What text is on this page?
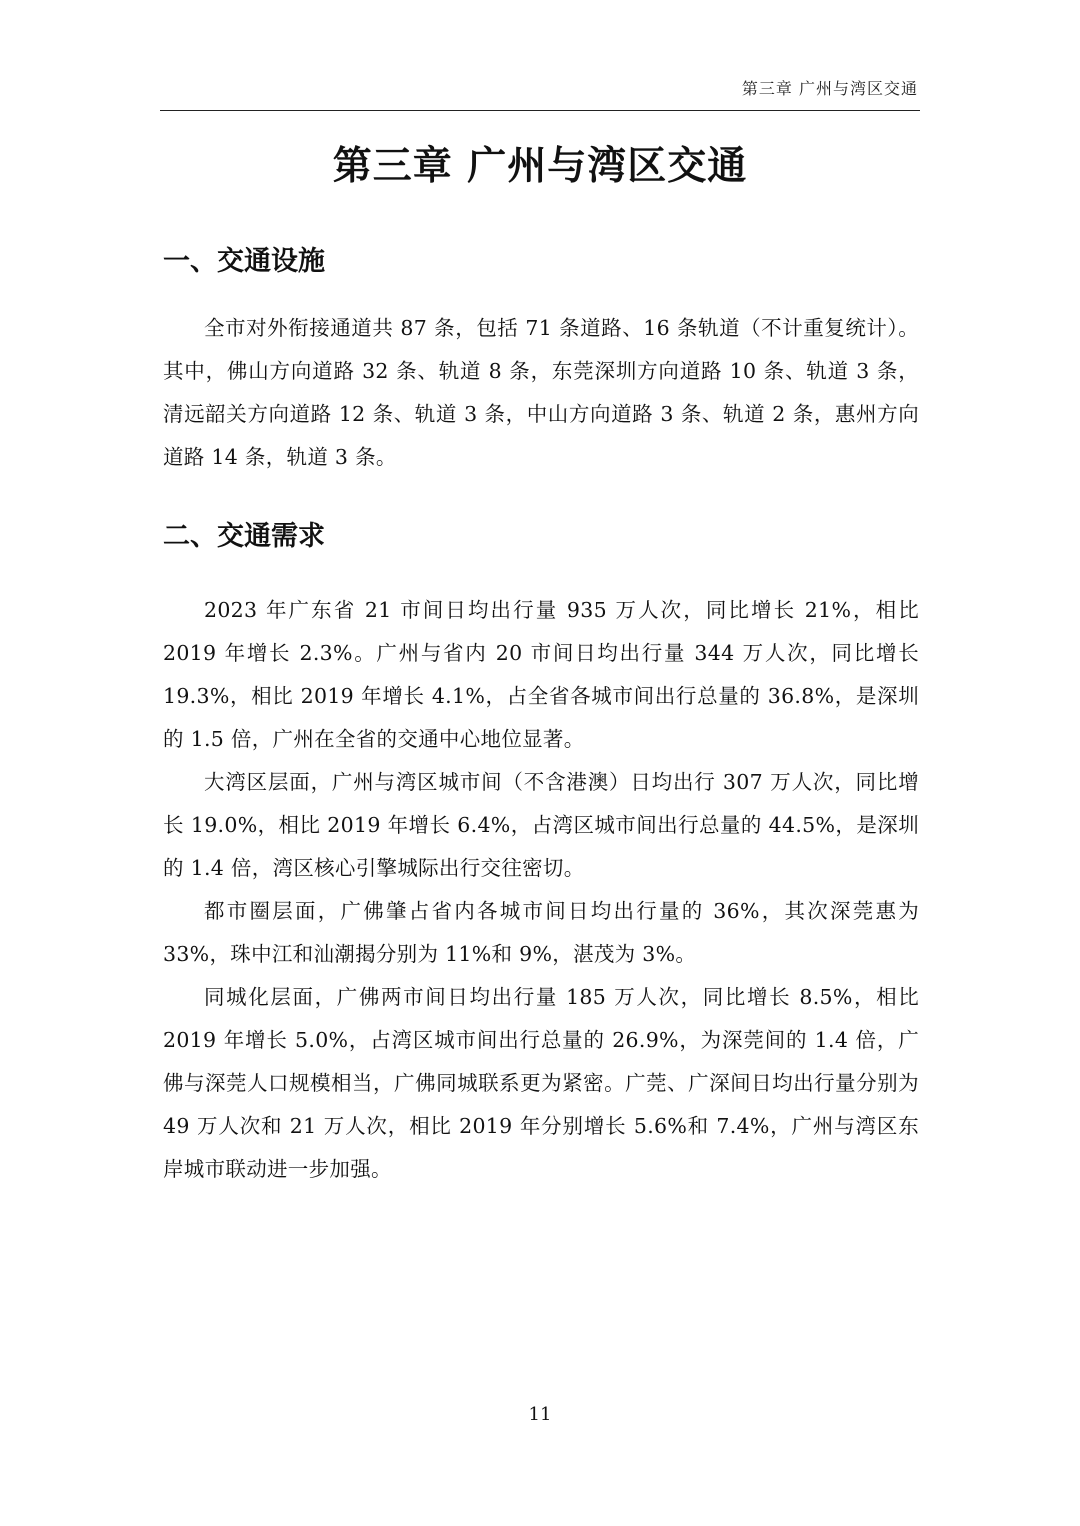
第三章 广州与湾区交通
第三章 广州与湾区交通
一、交通设施

全市对外衔接通道共 87 条，包括 71 条道路、16 条轨道（不计重复统计）。其中，佛山方向道路 32 条、轨道 8 条，东莞深圳方向道路 10 条、轨道 3 条，清远韶关方向道路 12 条、轨道 3 条，中山方向道路 3 条、轨道 2 条，惠州方向道路 14 条，轨道 3 条。

二、交通需求

2023 年广东省 21 市间日均出行量 935 万人次，同比增长 21%，相比 2019 年增长 2.3%。广州与省内 20 市间日均出行量 344 万人次，同比增长 19.3%，相比 2019 年增长 4.1%，占全省各城市间出行总量的 36.8%，是深圳的 1.5 倍，广州在全省的交通中心地位显著。

大湾区层面，广州与湾区城市间（不含港澳）日均出行 307 万人次，同比增长 19.0%，相比 2019 年增长 6.4%，占湾区城市间出行总量的 44.5%，是深圳的 1.4 倍，湾区核心引擎城际出行交往密切。

都市圈层面，广佛肇占省内各城市间日均出行量的 36%，其次深莞惠为 33%，珠中江和汕潮揭分别为 11%和 9%，湛茂为 3%。

同城化层面，广佛两市间日均出行量 185 万人次，同比增长 8.5%，相比 2019 年增长 5.0%，占湾区城市间出行总量的 26.9%，为深莞间的 1.4 倍，广佛与深莞人口规模相当，广佛同城联系更为紧密。广莞、广深间日均出行量分别为 49 万人次和 21 万人次，相比 2019 年分别增长 5.6%和 7.4%，广州与湾区东岸城市联动进一步加强。

11
